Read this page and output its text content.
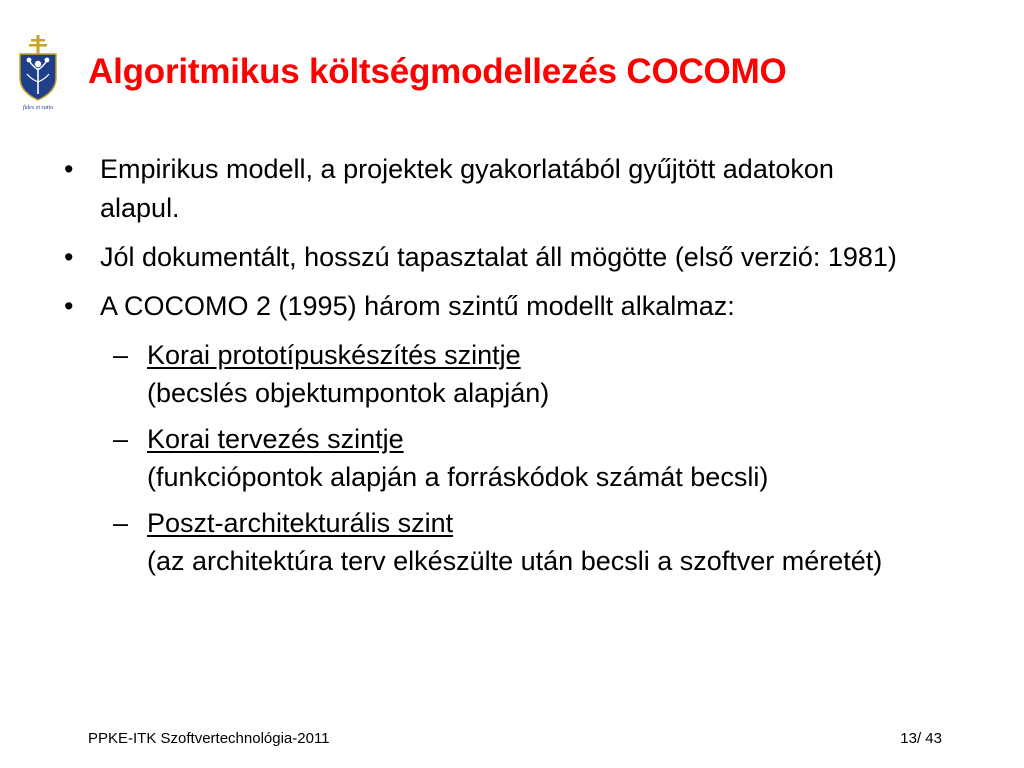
fides et ratio
Algoritmikus költségmodellezés COCOMO
• Empirikus modell, a projektek gyakorlatából gyűjtött adatokon alapul.
• Jól dokumentált, hosszú tapasztalat áll mögötte (első verzió: 1981)
• A COCOMO 2 (1995) három szintű modellt alkalmaz:
– Korai prototípuskészítés szintje
(becslés objektumpontok alapján)
– Korai tervezés szintje
(funkciópontok alapján a forráskódok számát becsli)
– Poszt-architekturális szint
(az architektúra terv elkészülte után becsli a szoftver méretét)
PPKE-ITK Szoftvertechnológia-2011	13/ 43
